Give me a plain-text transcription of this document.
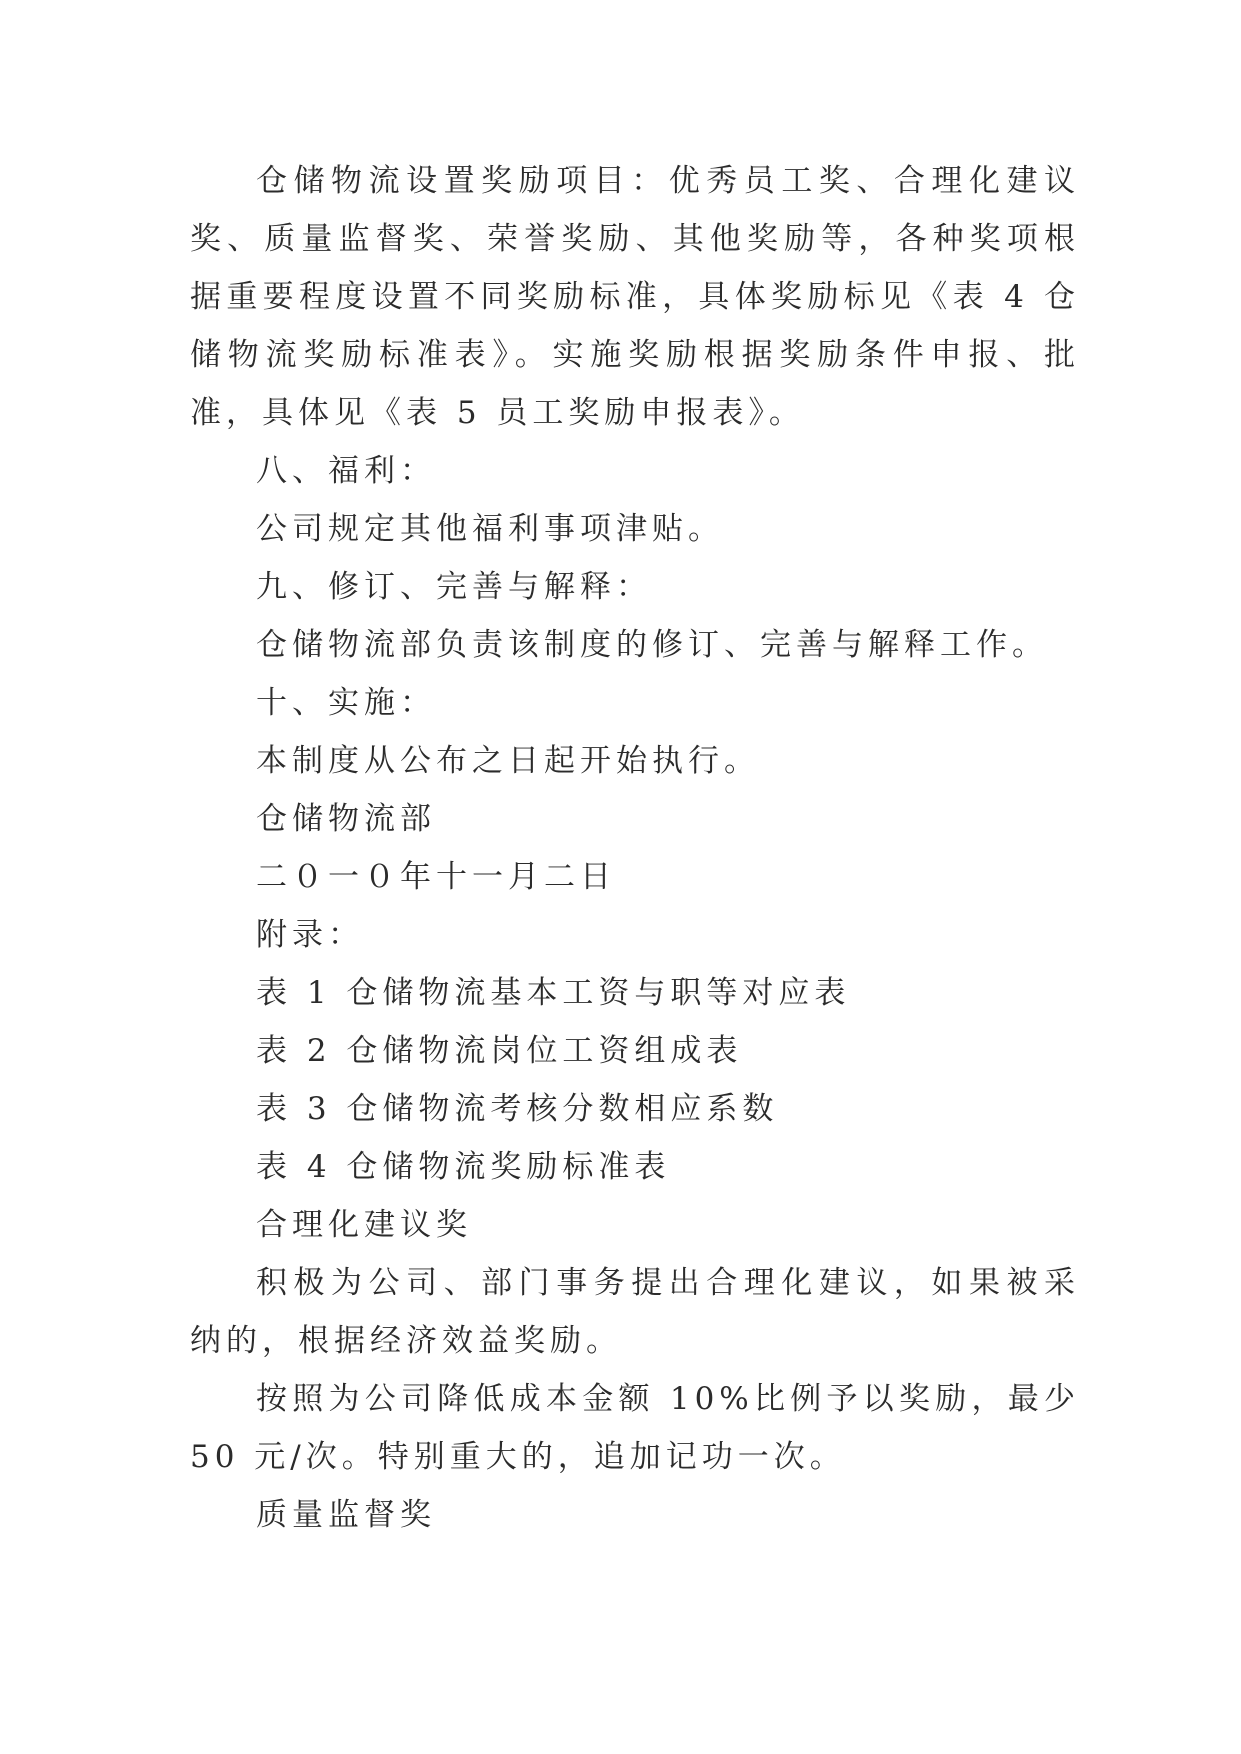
仓储物流设置奖励项目：优秀员工奖、合理化建议奖、质量监督奖、荣誉奖励、其他奖励等，各种奖项根据重要程度设置不同奖励标准，具体奖励标见《表 4 仓储物流奖励标准表》。实施奖励根据奖励条件申报、批准，具体见《表 5 员工奖励申报表》。

八、福利：

公司规定其他福利事项津贴。

九、修订、完善与解释：

仓储物流部负责该制度的修订、完善与解释工作。

十、实施：

本制度从公布之日起开始执行。

仓储物流部

二０一０年十一月二日

附录：

表 1 仓储物流基本工资与职等对应表

表 2 仓储物流岗位工资组成表

表 3 仓储物流考核分数相应系数

表 4 仓储物流奖励标准表

合理化建议奖

积极为公司、部门事务提出合理化建议，如果被采纳的，根据经济效益奖励。

按照为公司降低成本金额 10%比例予以奖励，最少 50 元/次。特别重大的，追加记功一次。

质量监督奖
